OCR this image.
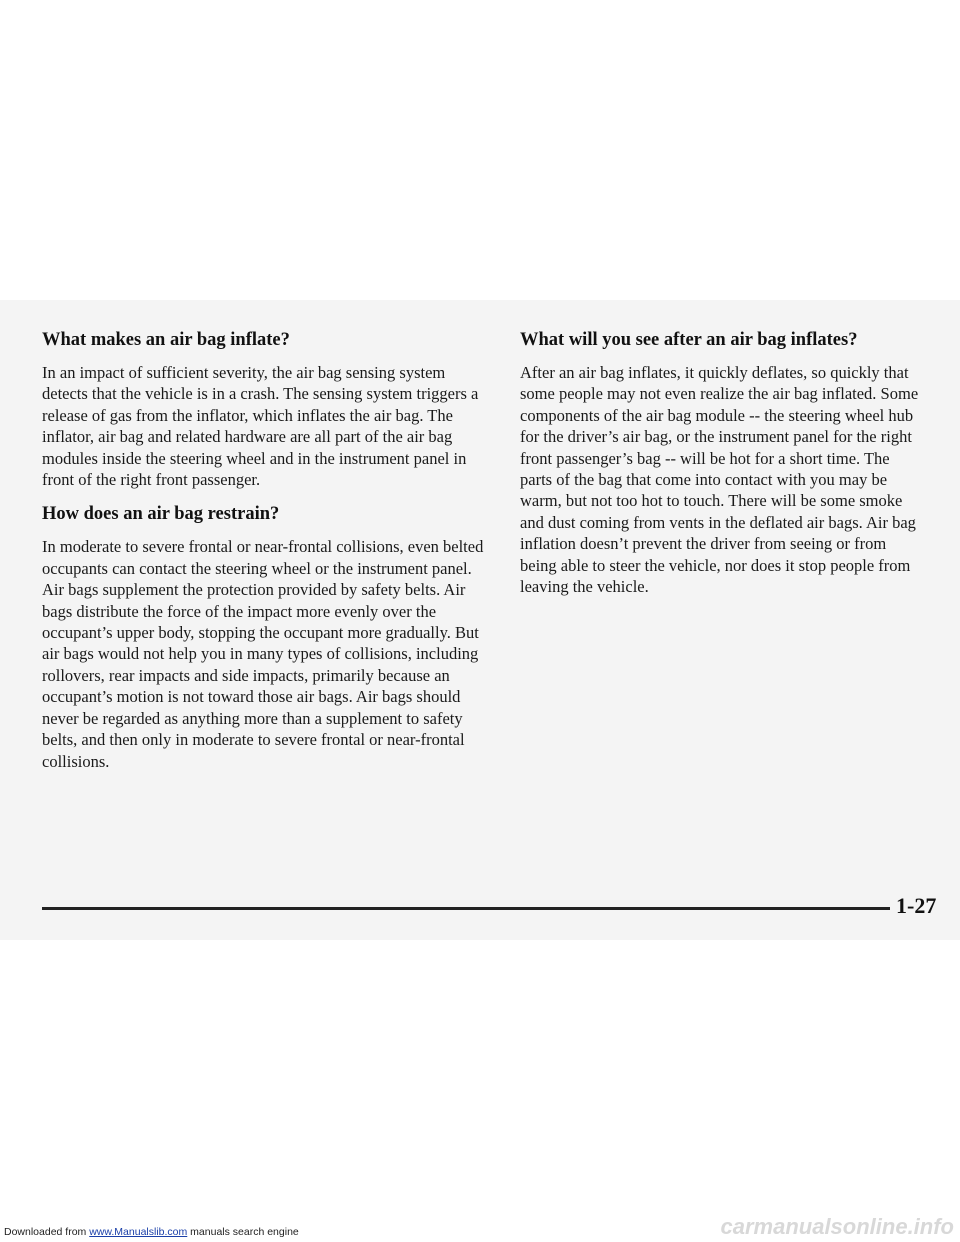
What makes an air bag inflate?

In an impact of sufficient severity, the air bag sensing system detects that the vehicle is in a crash. The sensing system triggers a release of gas from the inflator, which inflates the air bag. The inflator, air bag and related hardware are all part of the air bag modules inside the steering wheel and in the instrument panel in front of the right front passenger.

How does an air bag restrain?

In moderate to severe frontal or near-frontal collisions, even belted occupants can contact the steering wheel or the instrument panel. Air bags supplement the protection provided by safety belts. Air bags distribute the force of the impact more evenly over the occupant’s upper body, stopping the occupant more gradually. But air bags would not help you in many types of collisions, including rollovers, rear impacts and side impacts, primarily because an occupant’s motion is not toward those air bags. Air bags should never be regarded as anything more than a supplement to safety belts, and then only in moderate to severe frontal or near-frontal collisions.

What will you see after an air bag inflates?

After an air bag inflates, it quickly deflates, so quickly that some people may not even realize the air bag inflated. Some components of the air bag module -- the steering wheel hub for the driver’s air bag, or the instrument panel for the right front passenger’s bag -- will be hot for a short time. The parts of the bag that come into contact with you may be warm, but not too hot to touch. There will be some smoke and dust coming from vents in the deflated air bags. Air bag inflation doesn’t prevent the driver from seeing or from being able to steer the vehicle, nor does it stop people from leaving the vehicle.

1-27
Downloaded from www.Manualslib.com manuals search engine	carmanualsonline.info
